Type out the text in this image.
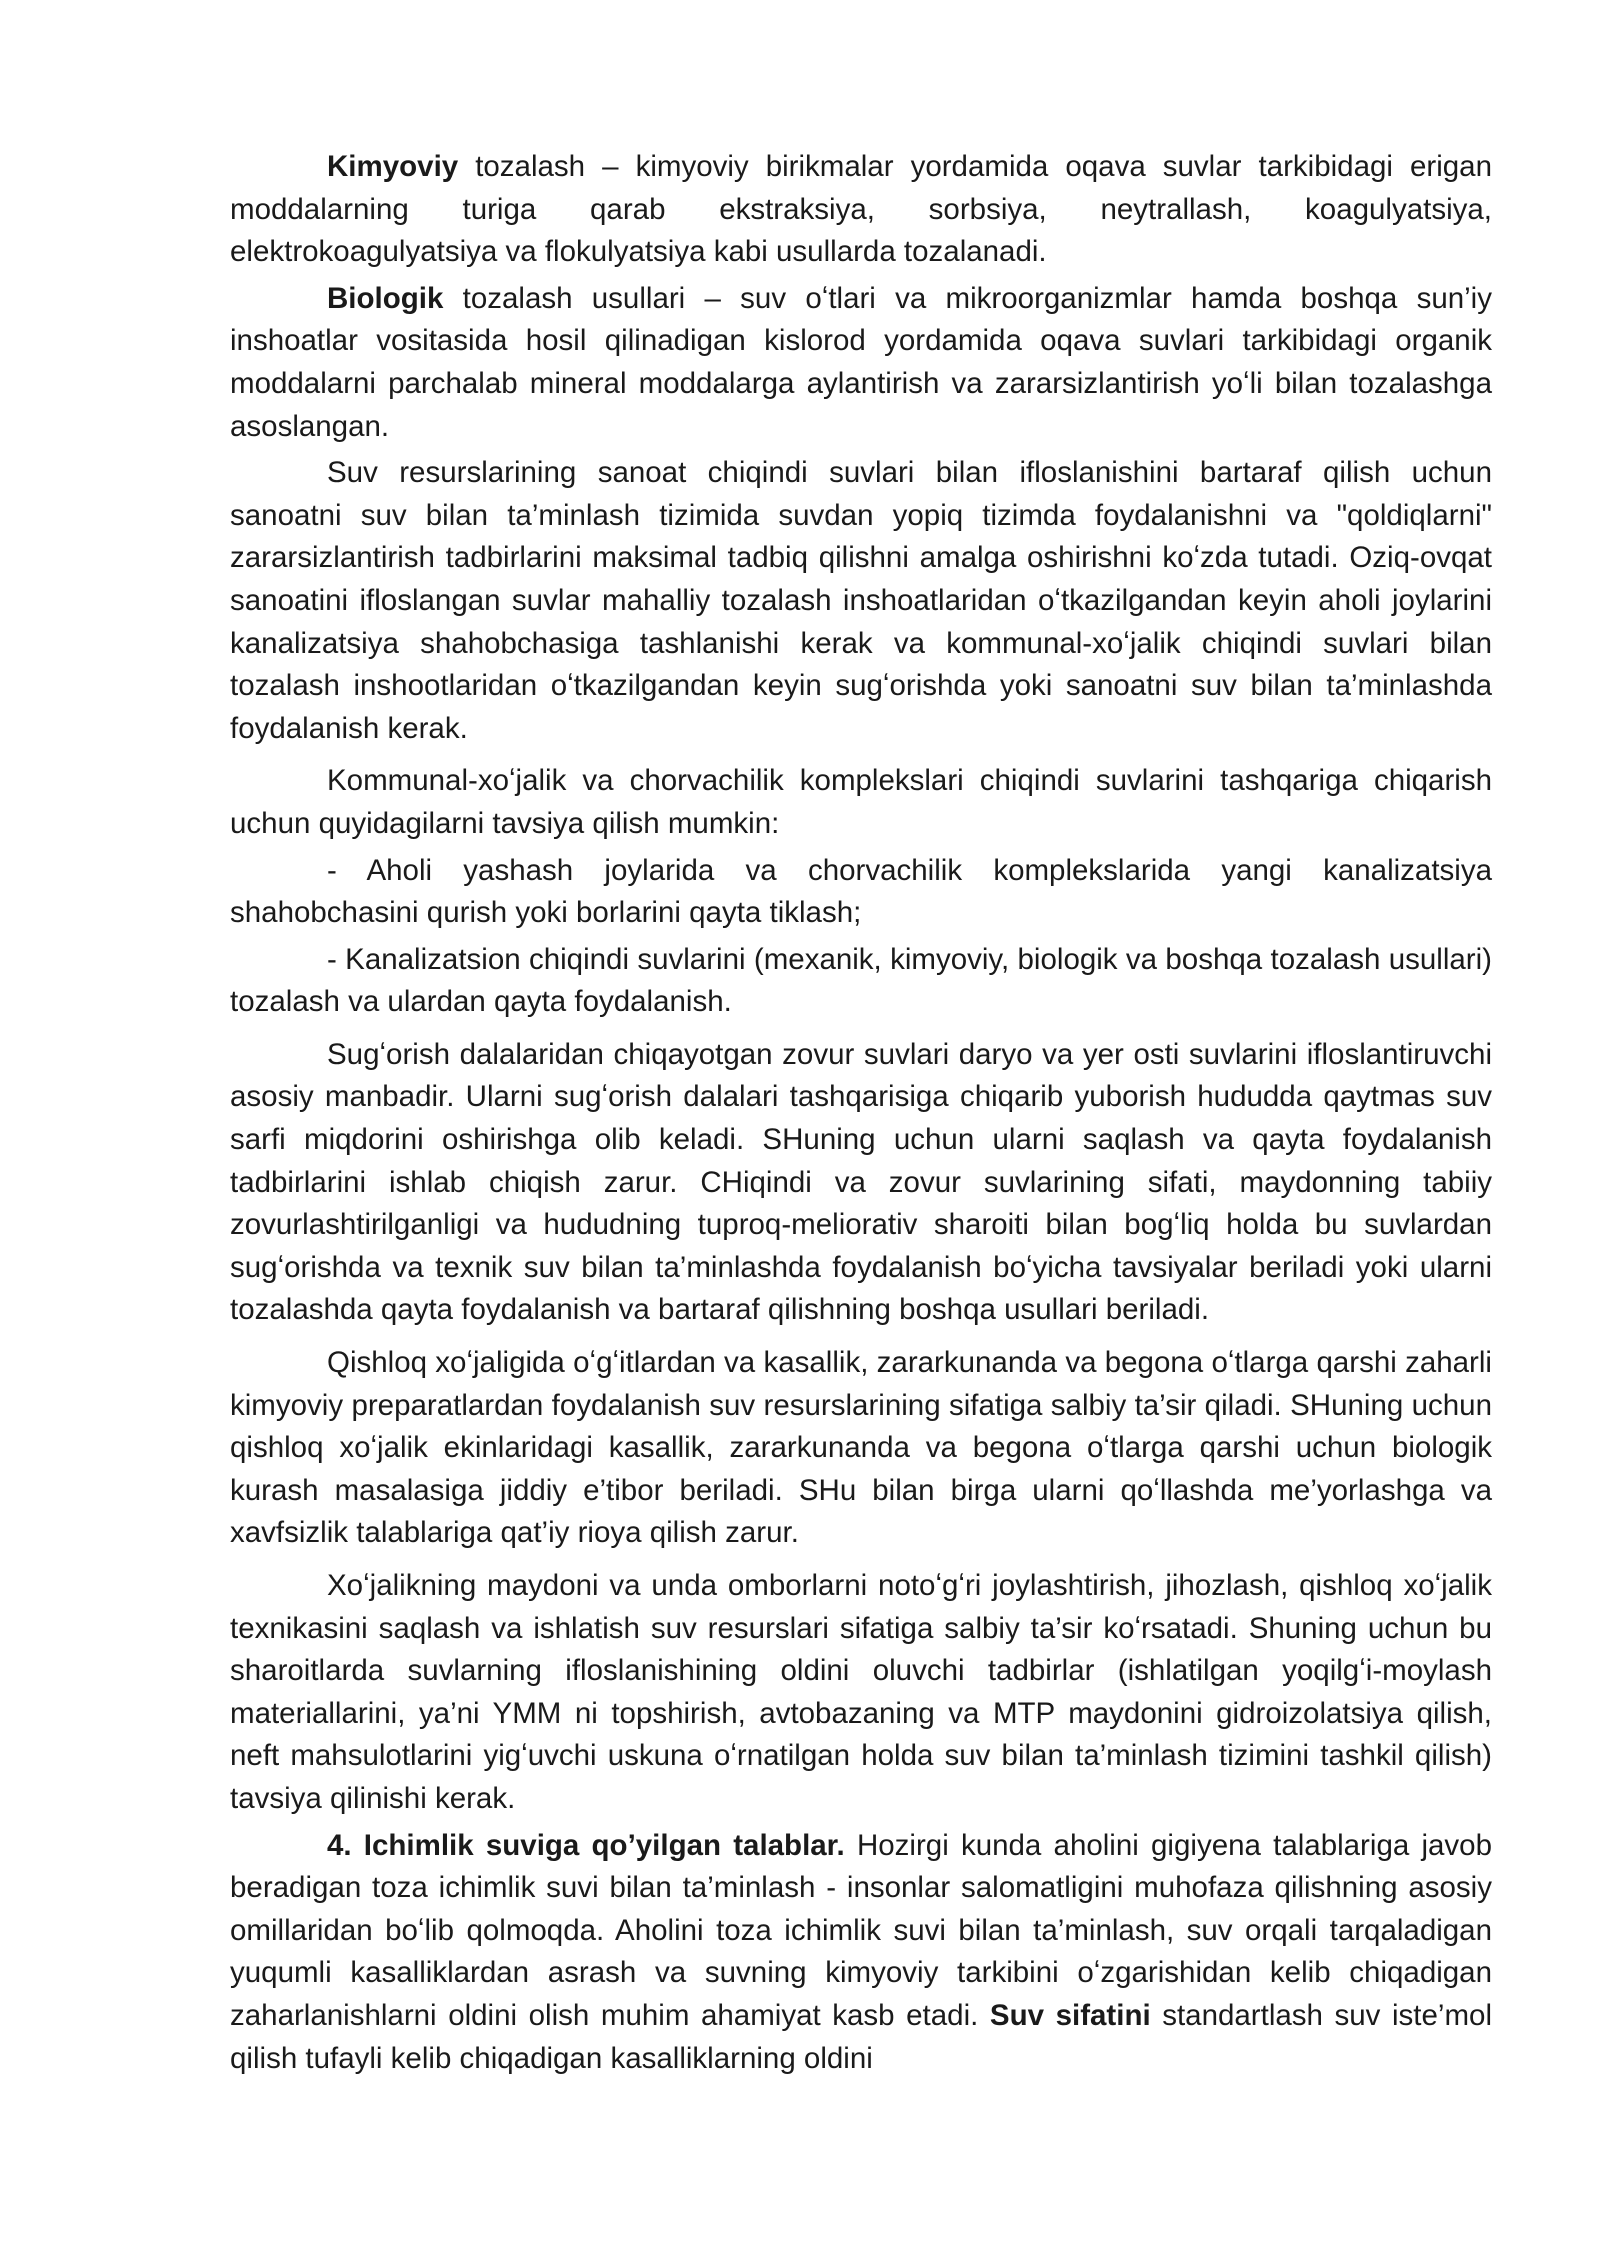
Kimyoviy tozalash – kimyoviy birikmalar yordamida oqava suvlar tarkibidagi erigan moddalarning turiga qarab ekstraksiya, sorbsiya, neytrallash, koagulyatsiya, elektrokoagulyatsiya va flokulyatsiya kabi usullarda tozalanadi.

Biologik tozalash usullari – suv oʻtlari va mikroorganizmlar hamda boshqa sun’iy inshoatlar vositasida hosil qilinadigan kislorod yordamida oqava suvlari tarkibidagi organik moddalarni parchalab mineral moddalarga aylantirish va zararsizlantirish yoʻli bilan tozalashga asoslangan.

Suv resurslarining sanoat chiqindi suvlari bilan ifloslanishini bartaraf qilish uchun sanoatni suv bilan ta’minlash tizimida suvdan yopiq tizimda foydalanishni va "qoldiqlarni" zararsizlantirish tadbirlarini maksimal tadbiq qilishni amalga oshirishni koʻzda tutadi. Oziq-ovqat sanoatini ifloslangan suvlar mahalliy tozalash inshoatlaridan oʻtkazilgandan keyin aholi joylarini kanalizatsiya shahobchasiga tashlanishi kerak va kommunal-xoʻjalik chiqindi suvlari bilan tozalash inshootlaridan oʻtkazilgandan keyin sugʻorishda yoki sanoatni suv bilan ta’minlashda foydalanish kerak.

Kommunal-xoʻjalik va chorvachilik komplekslari chiqindi suvlarini tashqariga chiqarish uchun quyidagilarni tavsiya qilish mumkin:

- Aholi yashash joylarida va chorvachilik komplekslarida yangi kanalizatsiya shahobchasini qurish yoki borlarini qayta tiklash;

- Kanalizatsion chiqindi suvlarini (mexanik, kimyoviy, biologik va boshqa tozalash usullari) tozalash va ulardan qayta foydalanish.

Sugʻorish dalalaridan chiqayotgan zovur suvlari daryo va yer osti suvlarini ifloslantiruvchi asosiy manbadir. Ularni sugʻorish dalalari tashqarisiga chiqarib yuborish hududda qaytmas suv sarfi miqdorini oshirishga olib keladi. SHuning uchun ularni saqlash va qayta foydalanish tadbirlarini ishlab chiqish zarur. CHiqindi va zovur suvlarining sifati, maydonning tabiiy zovurlashtirilganligi va hududning tuproq-meliorativ sharoiti bilan bogʻliq holda bu suvlardan sugʻorishda va texnik suv bilan ta’minlashda foydalanish boʻyicha tavsiyalar beriladi yoki ularni tozalashda qayta foydalanish va bartaraf qilishning boshqa usullari beriladi.

Qishloq xoʻjaligida oʻgʻitlardan va kasallik, zararkunanda va begona oʻtlarga qarshi zaharli kimyoviy preparatlardan foydalanish suv resurslarining sifatiga salbiy ta’sir qiladi. SHuning uchun qishloq xoʻjalik ekinlaridagi kasallik, zararkunanda va begona oʻtlarga qarshi uchun biologik kurash masalasiga jiddiy e’tibor beriladi. SHu bilan birga ularni qoʻllashda me’yorlashga va xavfsizlik talablariga qat’iy rioya qilish zarur.

Xoʻjalikning maydoni va unda omborlarni notoʻgʻri joylashtirish, jihozlash, qishloq xoʻjalik texnikasini saqlash va ishlatish suv resurslari sifatiga salbiy ta’sir koʻrsatadi. Shuning uchun bu sharoitlarda suvlarning ifloslanishining oldini oluvchi tadbirlar (ishlatilgan yoqilgʻi-moylash materiallarini, ya’ni YMM ni topshirish, avtobazaning va MTP maydonini gidroizolatsiya qilish, neft mahsulotlarini yigʻuvchi uskuna oʻrnatilgan holda suv bilan ta’minlash tizimini tashkil qilish) tavsiya qilinishi kerak.

4. Ichimlik suviga qo’yilgan talablar. Hozirgi kunda aholini gigiyena talablariga javob beradigan toza ichimlik suvi bilan ta’minlash - insonlar salomatligini muhofaza qilishning asosiy omillaridan boʻlib qolmoqda. Aholini toza ichimlik suvi bilan ta’minlash, suv orqali tarqaladigan yuqumli kasalliklardan asrash va suvning kimyoviy tarkibini oʻzgarishidan kelib chiqadigan zaharlanishlarni oldini olish muhim ahamiyat kasb etadi. Suv sifatini standartlash suv iste’mol qilish tufayli kelib chiqadigan kasalliklarning oldini
